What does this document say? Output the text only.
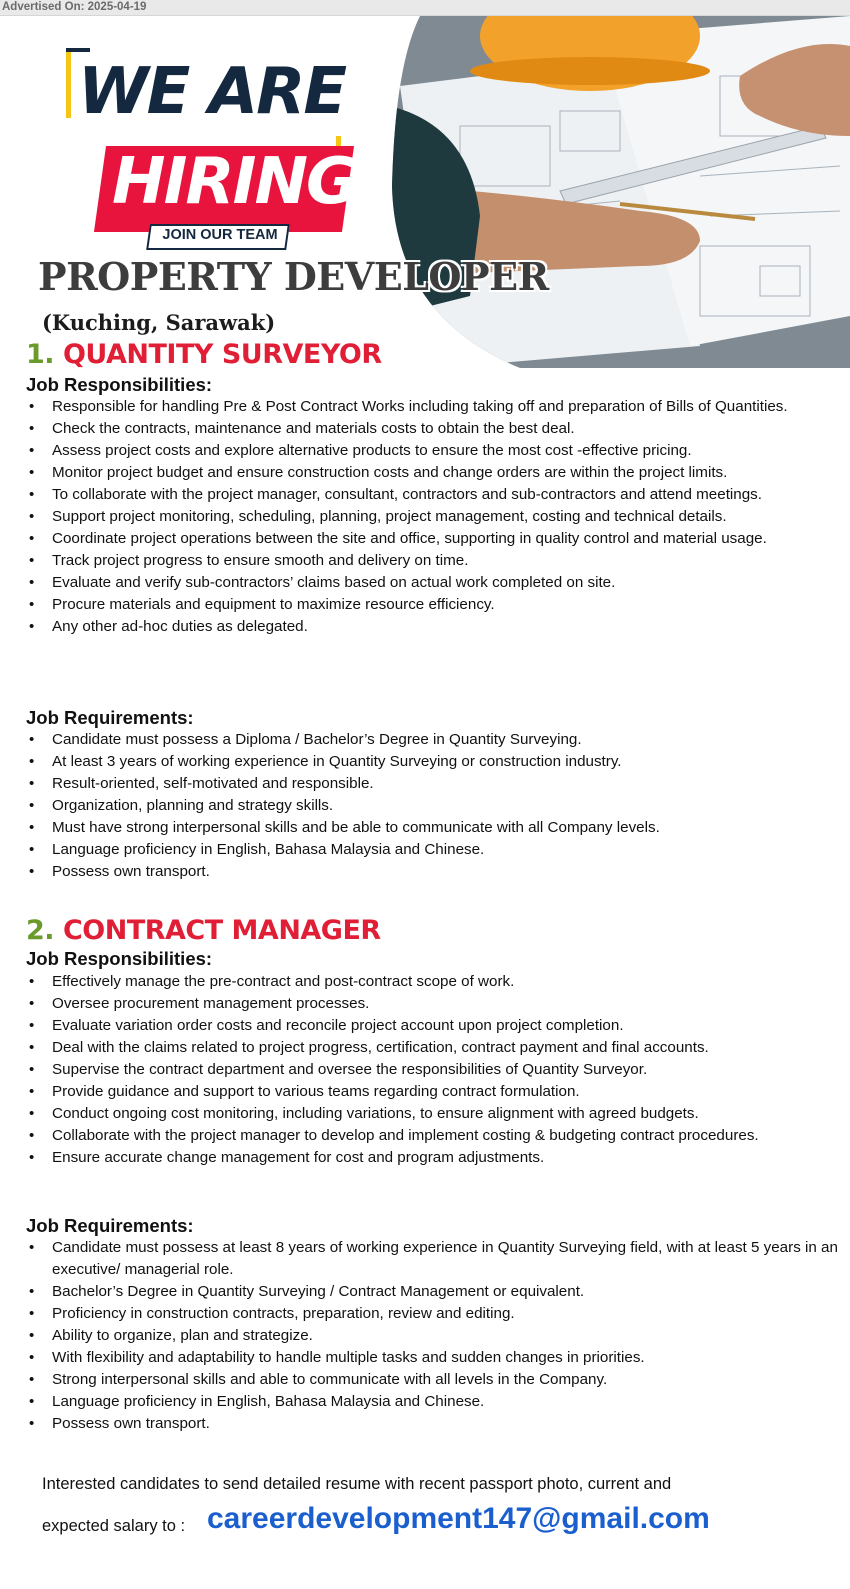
Advertised On: 2025-04-19
WE ARE
HIRING
JOIN OUR TEAM
PROPERTY DEVELOPER
(Kuching, Sarawak)
1. QUANTITY SURVEYOR
Job Responsibilities:
• Responsible for handling Pre & Post Contract Works including taking off and preparation of Bills of Quantities.
• Check the contracts, maintenance and materials costs to obtain the best deal.
• Assess project costs and explore alternative products to ensure the most cost -effective pricing.
• Monitor project budget and ensure construction costs and change orders are within the project limits.
• To collaborate with the project manager, consultant, contractors and sub-contractors and attend meetings.
• Support project monitoring, scheduling, planning, project management, costing and technical details.
• Coordinate project operations between the site and office, supporting in quality control and material usage.
• Track project progress to ensure smooth and delivery on time.
• Evaluate and verify sub-contractors’ claims based on actual work completed on site.
• Procure materials and equipment to maximize resource efficiency.
• Any other ad-hoc duties as delegated.
Job Requirements:
• Candidate must possess a Diploma / Bachelor’s Degree in Quantity Surveying.
• At least 3 years of working experience in Quantity Surveying or construction industry.
• Result-oriented, self-motivated and responsible.
• Organization, planning and strategy skills.
• Must have strong interpersonal skills and be able to communicate with all Company levels.
• Language proficiency in English, Bahasa Malaysia and Chinese.
• Possess own transport.
2. CONTRACT MANAGER
Job Responsibilities:
• Effectively manage the pre-contract and post-contract scope of work.
• Oversee procurement management processes.
• Evaluate variation order costs and reconcile project account upon project completion.
• Deal with the claims related to project progress, certification, contract payment and final accounts.
• Supervise the contract department and oversee the responsibilities of Quantity Surveyor.
• Provide guidance and support to various teams regarding contract formulation.
• Conduct ongoing cost monitoring, including variations, to ensure alignment with agreed budgets.
• Collaborate with the project manager to develop and implement costing & budgeting contract procedures.
• Ensure accurate change management for cost and program adjustments.
Job Requirements:
• Candidate must possess at least 8 years of working experience in Quantity Surveying field, with at least 5 years in an executive/ managerial role.
• Bachelor’s Degree in Quantity Surveying / Contract Management or equivalent.
• Proficiency in construction contracts, preparation, review and editing.
• Ability to organize, plan and strategize.
• With flexibility and adaptability to handle multiple tasks and sudden changes in priorities.
• Strong interpersonal skills and able to communicate with all levels in the Company.
• Language proficiency in English, Bahasa Malaysia and Chinese.
• Possess own transport.
Interested candidates to send detailed resume with recent passport photo, current and
expected salary to : careerdevelopment147@gmail.com
